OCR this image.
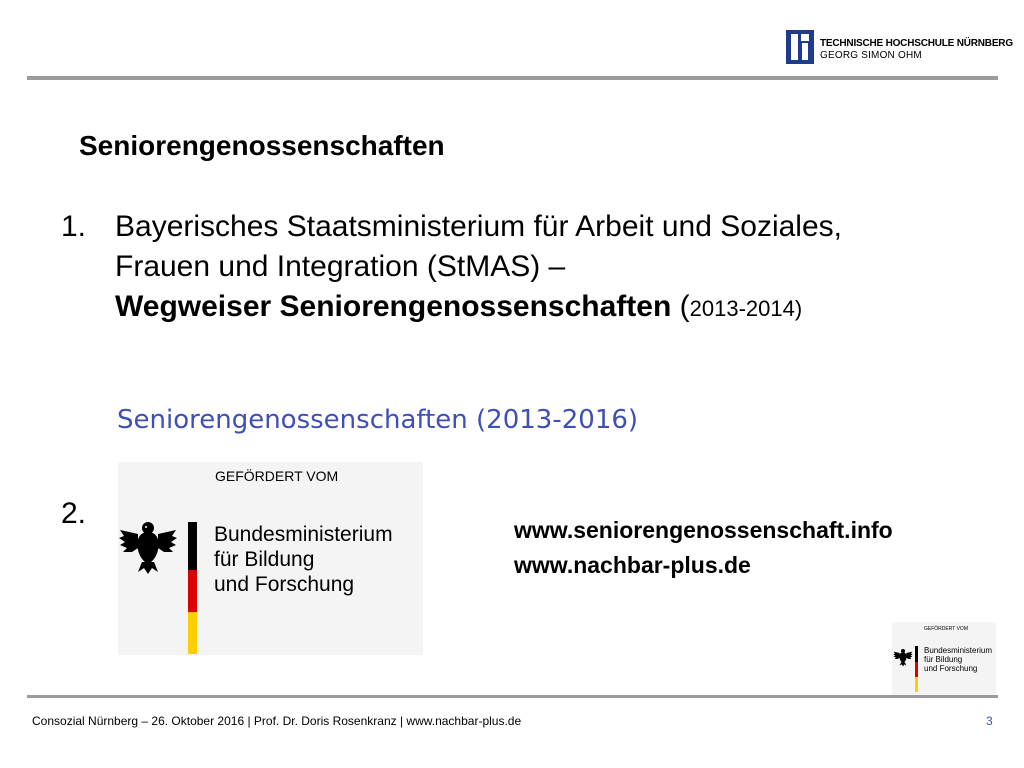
TECHNISCHE HOCHSCHULE NÜRNBERG
GEORG SIMON OHM
Seniorengenossenschaften
1. Bayerisches Staatsministerium für Arbeit und Soziales,
Frauen und Integration (StMAS) –
Wegweiser Seniorengenossenschaften (2013-2014)
Seniorengenossenschaften (2013-2016)
2.
GEFÖRDERT VOM
Bundesministerium
für Bildung
und Forschung
www.seniorengenossenschaft.info
www.nachbar-plus.de
GEFÖRDERT VOM
Bundesministerium
für Bildung
und Forschung
Consozial Nürnberg – 26. Oktober 2016 | Prof. Dr. Doris Rosenkranz | www.nachbar-plus.de	3
